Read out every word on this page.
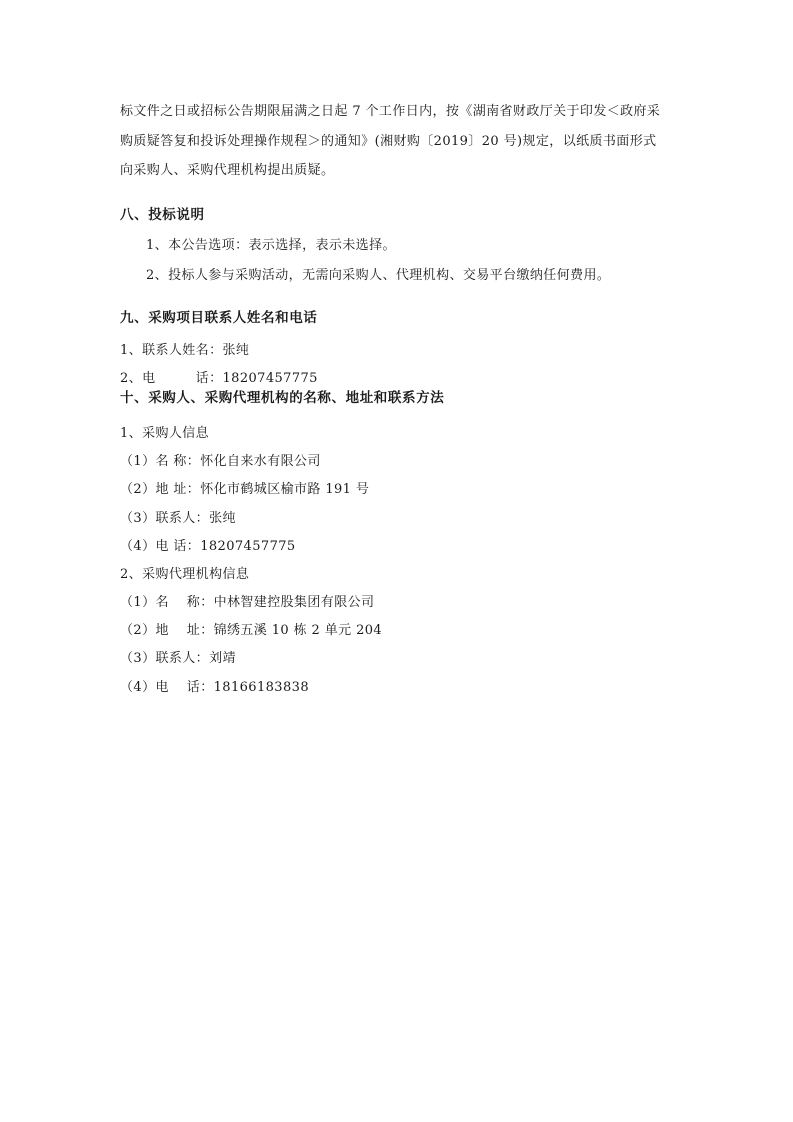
标文件之日或招标公告期限届满之日起 7 个工作日内，按《湖南省财政厅关于印发＜政府采
购质疑答复和投诉处理操作规程＞的通知》(湘财购〔2019〕20 号)规定，以纸质书面形式
向采购人、采购代理机构提出质疑。
八、投标说明
1、本公告选项：表示选择，表示未选择。
2、投标人参与采购活动，无需向采购人、代理机构、交易平台缴纳任何费用。
九、采购项目联系人姓名和电话
1、联系人姓名：张纯
2、电　　　话：18207457775
十、采购人、采购代理机构的名称、地址和联系方法
1、采购人信息
（1）名 称：怀化自来水有限公司
（2）地 址：怀化市鹤城区榆市路 191 号
（3）联系人：张纯
（4）电 话：18207457775
2、采购代理机构信息
（1）名　 称：中林智建控股集团有限公司
（2）地　 址：锦绣五溪 10 栋 2 单元 204
（3）联系人：刘靖
（4）电　 话：18166183838
